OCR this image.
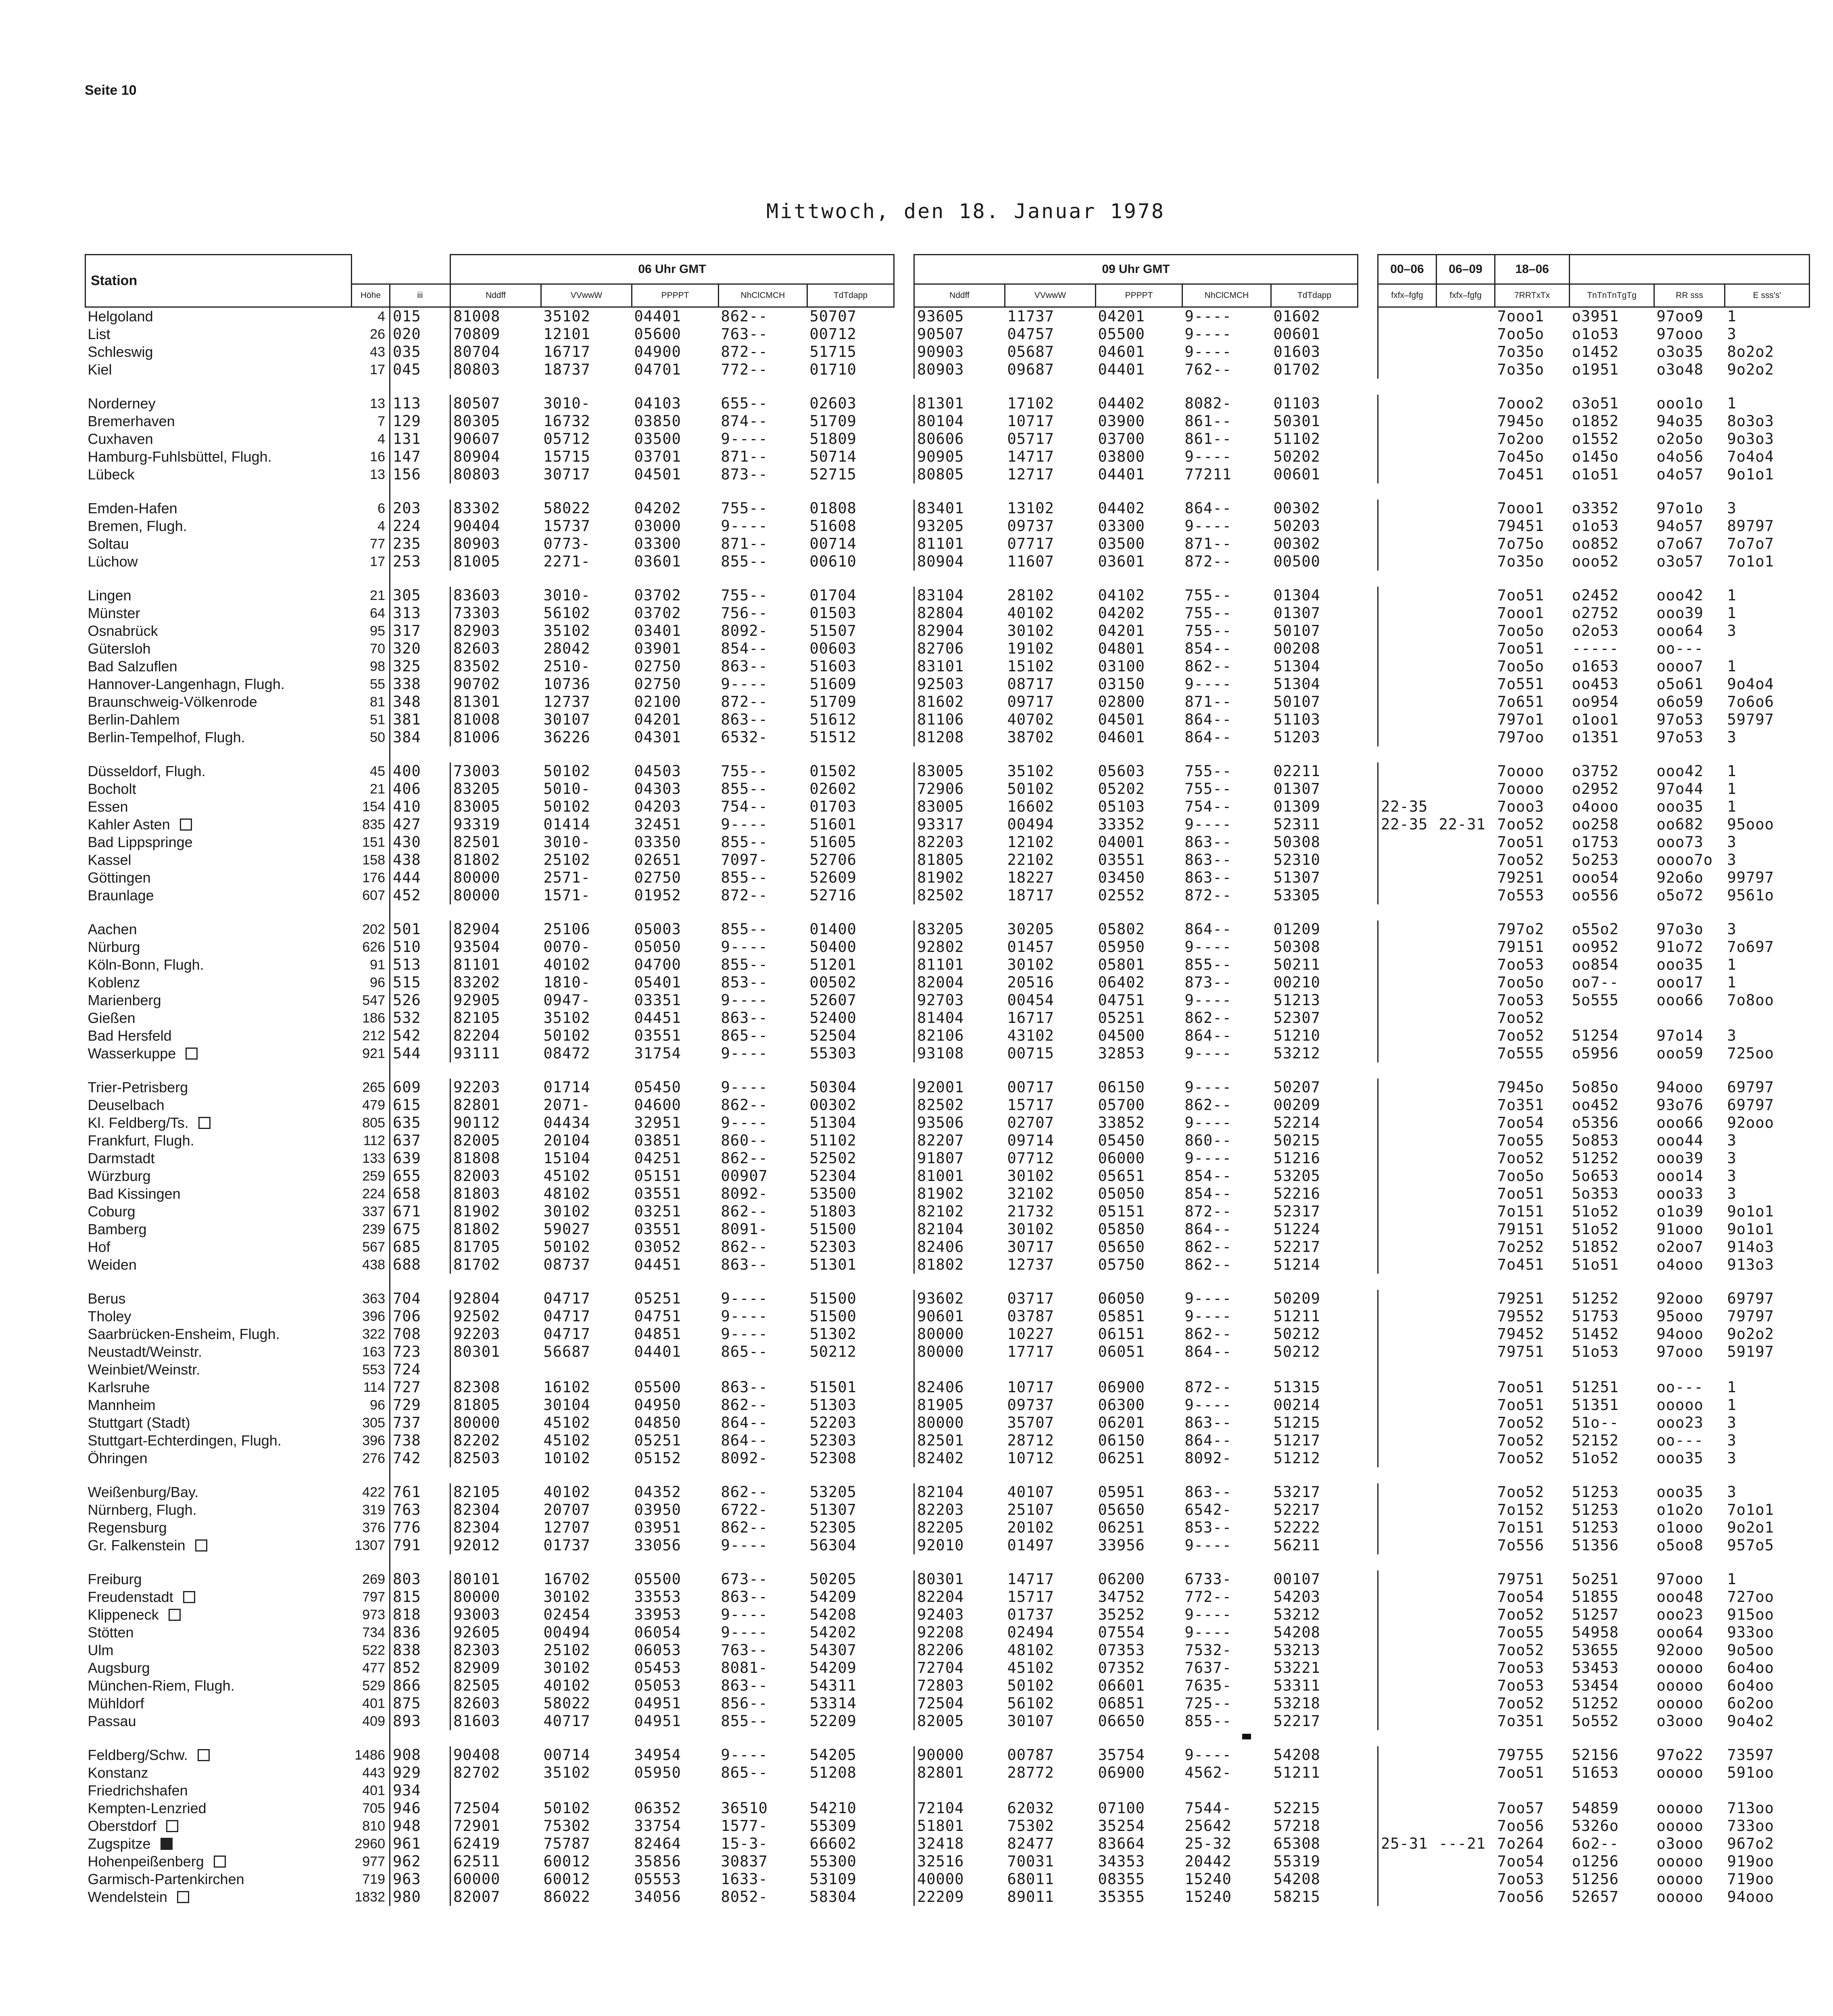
Seite 10
Mittwoch, den 18. Januar 1978
Station			06 Uhr GMT						09 Uhr GMT						00–06	06–09	18–06			
	Höhe	iii	Nddff	VVwwW	PPPPT	NhClCMCH	TdTdapp		Nddff	VVwwW	PPPPT	NhClCMCH	TdTdapp		fxfx–fgfg	fxfx–fgfg	7RRTxTx	TnTnTnTgTg	RR sss	E sss's'
Helgoland	4	015	81008	35102	04401	862--	50707		93605	11737	04201	9----	01602				7ooo1	o3951	97oo9	1
List	26	020	70809	12101	05600	763--	00712		90507	04757	05500	9----	00601				7oo5o	o1o53	97ooo	3
Schleswig	43	035	80704	16717	04900	872--	51715		90903	05687	04601	9----	01603				7o35o	o1452	o3o35	8o2o2
Kiel	17	045	80803	18737	04701	772--	01710		80903	09687	04401	762--	01702				7o35o	o1951	o3o48	9o2o2

Norderney	13	113	80507	3010-	04103	655--	02603		81301	17102	04402	8082-	01103				7ooo2	o3o51	ooo1o	1
Bremerhaven	7	129	80305	16732	03850	874--	51709		80104	10717	03900	861--	50301				7945o	o1852	94o35	8o3o3
Cuxhaven	4	131	90607	05712	03500	9----	51809		80606	05717	03700	861--	51102				7o2oo	o1552	o2o5o	9o3o3
Hamburg-Fuhlsbüttel, Flugh.	16	147	80904	15715	03701	871--	50714		90905	14717	03800	9----	50202				7o45o	o145o	o4o56	7o4o4
Lübeck	13	156	80803	30717	04501	873--	52715		80805	12717	04401	77211	00601				7o451	o1o51	o4o57	9o1o1

Emden-Hafen	6	203	83302	58022	04202	755--	01808		83401	13102	04402	864--	00302				7ooo1	o3352	97o1o	3
Bremen, Flugh.	4	224	90404	15737	03000	9----	51608		93205	09737	03300	9----	50203				79451	o1o53	94o57	89797
Soltau	77	235	80903	0773-	03300	871--	00714		81101	07717	03500	871--	00302				7o75o	oo852	o7o67	7o7o7
Lüchow	17	253	81005	2271-	03601	855--	00610		80904	11607	03601	872--	00500				7o35o	ooo52	o3o57	7o1o1

Lingen	21	305	83603	3010-	03702	755--	01704		83104	28102	04102	755--	01304				7oo51	o2452	ooo42	1
Münster	64	313	73303	56102	03702	756--	01503		82804	40102	04202	755--	01307				7ooo1	o2752	ooo39	1
Osnabrück	95	317	82903	35102	03401	8092-	51507		82904	30102	04201	755--	50107				7oo5o	o2o53	ooo64	3
Gütersloh	70	320	82603	28042	03901	854--	00603		82706	19102	04801	854--	00208				7oo51	-----	oo---	
Bad Salzuflen	98	325	83502	2510-	02750	863--	51603		83101	15102	03100	862--	51304				7oo5o	o1653	oooo7	1
Hannover-Langenhagn, Flugh.	55	338	90702	10736	02750	9----	51609		92503	08717	03150	9----	51304				7o551	oo453	o5o61	9o4o4
Braunschweig-Völkenrode	81	348	81301	12737	02100	872--	51709		81602	09717	02800	871--	50107				7o651	oo954	o6o59	7o6o6
Berlin-Dahlem	51	381	81008	30107	04201	863--	51612		81106	40702	04501	864--	51103				797o1	o1oo1	97o53	59797
Berlin-Tempelhof, Flugh.	50	384	81006	36226	04301	6532-	51512		81208	38702	04601	864--	51203				797oo	o1351	97o53	3

Düsseldorf, Flugh.	45	400	73003	50102	04503	755--	01502		83005	35102	05603	755--	02211				7oooo	o3752	ooo42	1
Bocholt	21	406	83205	5010-	04303	855--	02602		72906	50102	05202	755--	01307				7oooo	o2952	97o44	1
Essen	154	410	83005	50102	04203	754--	01703		83005	16602	05103	754--	01309		22-35		7ooo3	o4ooo	ooo35	1
Kahler Asten	835	427	93319	01414	32451	9----	51601		93317	00494	33352	9----	52311		22-35	22-31	7oo52	oo258	oo682	95ooo
Bad Lippspringe	151	430	82501	3010-	03350	855--	51605		82203	12102	04001	863--	50308				7oo51	o1753	ooo73	3
Kassel	158	438	81802	25102	02651	7097-	52706		81805	22102	03551	863--	52310				7oo52	5o253	oooo7o	3
Göttingen	176	444	80000	2571-	02750	855--	52609		81902	18227	03450	863--	51307				79251	ooo54	92o6o	99797
Braunlage	607	452	80000	1571-	01952	872--	52716		82502	18717	02552	872--	53305				7o553	oo556	o5o72	9561o

Aachen	202	501	82904	25106	05003	855--	01400		83205	30205	05802	864--	01209				797o2	o55o2	97o3o	3
Nürburg	626	510	93504	0070-	05050	9----	50400		92802	01457	05950	9----	50308				79151	oo952	91o72	7o697
Köln-Bonn, Flugh.	91	513	81101	40102	04700	855--	51201		81101	30102	05801	855--	50211				7oo53	oo854	ooo35	1
Koblenz	96	515	83202	1810-	05401	853--	00502		82004	20516	06402	873--	00210				7oo5o	oo7--	ooo17	1
Marienberg	547	526	92905	0947-	03351	9----	52607		92703	00454	04751	9----	51213				7oo53	5o555	ooo66	7o8oo
Gießen	186	532	82105	35102	04451	863--	52400		81404	16717	05251	862--	52307				7oo52			
Bad Hersfeld	212	542	82204	50102	03551	865--	52504		82106	43102	04500	864--	51210				7oo52	51254	97o14	3
Wasserkuppe	921	544	93111	08472	31754	9----	55303		93108	00715	32853	9----	53212				7o555	o5956	ooo59	725oo

Trier-Petrisberg	265	609	92203	01714	05450	9----	50304		92001	00717	06150	9----	50207				7945o	5o85o	94ooo	69797
Deuselbach	479	615	82801	2071-	04600	862--	00302		82502	15717	05700	862--	00209				7o351	oo452	93o76	69797
Kl. Feldberg/Ts.	805	635	90112	04434	32951	9----	51304		93506	02707	33852	9----	52214				7oo54	o5356	ooo66	92ooo
Frankfurt, Flugh.	112	637	82005	20104	03851	860--	51102		82207	09714	05450	860--	50215				7oo55	5o853	ooo44	3
Darmstadt	133	639	81808	15104	04251	862--	52502		91807	07712	06000	9----	51216				7oo52	51252	ooo39	3
Würzburg	259	655	82003	45102	05151	00907	52304		81001	30102	05651	854--	53205				7oo5o	5o653	ooo14	3
Bad Kissingen	224	658	81803	48102	03551	8092-	53500		81902	32102	05050	854--	52216				7oo51	5o353	ooo33	3
Coburg	337	671	81902	30102	03251	862--	51803		82102	21732	05151	872--	52317				7o151	51o52	o1o39	9o1o1
Bamberg	239	675	81802	59027	03551	8091-	51500		82104	30102	05850	864--	51224				79151	51o52	91ooo	9o1o1
Hof	567	685	81705	50102	03052	862--	52303		82406	30717	05650	862--	52217				7o252	51852	o2oo7	914o3
Weiden	438	688	81702	08737	04451	863--	51301		81802	12737	05750	862--	51214				7o451	51o51	o4ooo	913o3

Berus	363	704	92804	04717	05251	9----	51500		93602	03717	06050	9----	50209				79251	51252	92ooo	69797
Tholey	396	706	92502	04717	04751	9----	51500		90601	03787	05851	9----	51211				79552	51753	95ooo	79797
Saarbrücken-Ensheim, Flugh.	322	708	92203	04717	04851	9----	51302		80000	10227	06151	862--	50212				79452	51452	94ooo	9o2o2
Neustadt/Weinstr.	163	723	80301	56687	04401	865--	50212		80000	17717	06051	864--	50212				79751	51o53	97ooo	59197
Weinbiet/Weinstr.	553	724																		
Karlsruhe	114	727	82308	16102	05500	863--	51501		82406	10717	06900	872--	51315				7oo51	51251	oo---	1
Mannheim	96	729	81805	30104	04950	862--	51303		81905	09737	06300	9----	00214				7oo51	51351	ooooo	1
Stuttgart (Stadt)	305	737	80000	45102	04850	864--	52203		80000	35707	06201	863--	51215				7oo52	51o--	ooo23	3
Stuttgart-Echterdingen, Flugh.	396	738	82202	45102	05251	864--	52303		82501	28712	06150	864--	51217				7oo52	52152	oo---	3
Öhringen	276	742	82503	10102	05152	8092-	52308		82402	10712	06251	8092-	51212				7oo52	51o52	ooo35	3

Weißenburg/Bay.	422	761	82105	40102	04352	862--	53205		82104	40107	05951	863--	53217				7oo52	51253	ooo35	3
Nürnberg, Flugh.	319	763	82304	20707	03950	6722-	51307		82203	25107	05650	6542-	52217				7o152	51253	o1o2o	7o1o1
Regensburg	376	776	82304	12707	03951	862--	52305		82205	20102	06251	853--	52222				7o151	51253	o1ooo	9o2o1
Gr. Falkenstein	1307	791	92012	01737	33056	9----	56304		92010	01497	33956	9----	56211				7o556	51356	o5oo8	957o5

Freiburg	269	803	80101	16702	05500	673--	50205		80301	14717	06200	6733-	00107				79751	5o251	97ooo	1
Freudenstadt	797	815	80000	30102	33553	863--	54209		82204	15717	34752	772--	54203				7oo54	51855	ooo48	727oo
Klippeneck	973	818	93003	02454	33953	9----	54208		92403	01737	35252	9----	53212				7oo52	51257	ooo23	915oo
Stötten	734	836	92605	00494	06054	9----	54202		92208	02494	07554	9----	54208				7oo55	54958	ooo64	933oo
Ulm	522	838	82303	25102	06053	763--	54307		82206	48102	07353	7532-	53213				7oo52	53655	92ooo	9o5oo
Augsburg	477	852	82909	30102	05453	8081-	54209		72704	45102	07352	7637-	53221				7oo53	53453	ooooo	6o4oo
München-Riem, Flugh.	529	866	82505	40102	05053	863--	54311		72803	50102	06601	7635-	53311				7oo53	53454	ooooo	6o4oo
Mühldorf	401	875	82603	58022	04951	856--	53314		72504	56102	06851	725--	53218				7oo52	51252	ooooo	6o2oo
Passau	409	893	81603	40717	04951	855--	52209		82005	30107	06650	855--	52217				7o351	5o552	o3ooo	9o4o2

Feldberg/Schw.	1486	908	90408	00714	34954	9----	54205		90000	00787	35754	9----	54208				79755	52156	97o22	73597
Konstanz	443	929	82702	35102	05950	865--	51208		82801	28772	06900	4562-	51211				7oo51	51653	ooooo	591oo
Friedrichshafen	401	934																		
Kempten-Lenzried	705	946	72504	50102	06352	36510	54210		72104	62032	07100	7544-	52215				7oo57	54859	ooooo	713oo
Oberstdorf	810	948	72901	75302	33754	1577-	55309		51801	75302	35254	25642	57218				7oo56	5326o	ooooo	733oo
Zugspitze	2960	961	62419	75787	82464	15-3-	66602		32418	82477	83664	25-32	65308		25-31	---21	7o264	6o2--	o3ooo	967o2
Hohenpeißenberg	977	962	62511	60012	35856	30837	55300		32516	70031	34353	20442	55319				7oo54	o1256	ooooo	919oo
Garmisch-Partenkirchen	719	963	60000	60012	05553	1633-	53109		40000	68011	08355	15240	54208				7oo53	51256	ooooo	719oo
Wendelstein	1832	980	82007	86022	34056	8052-	58304		22209	89011	35355	15240	58215				7oo56	52657	ooooo	94ooo
